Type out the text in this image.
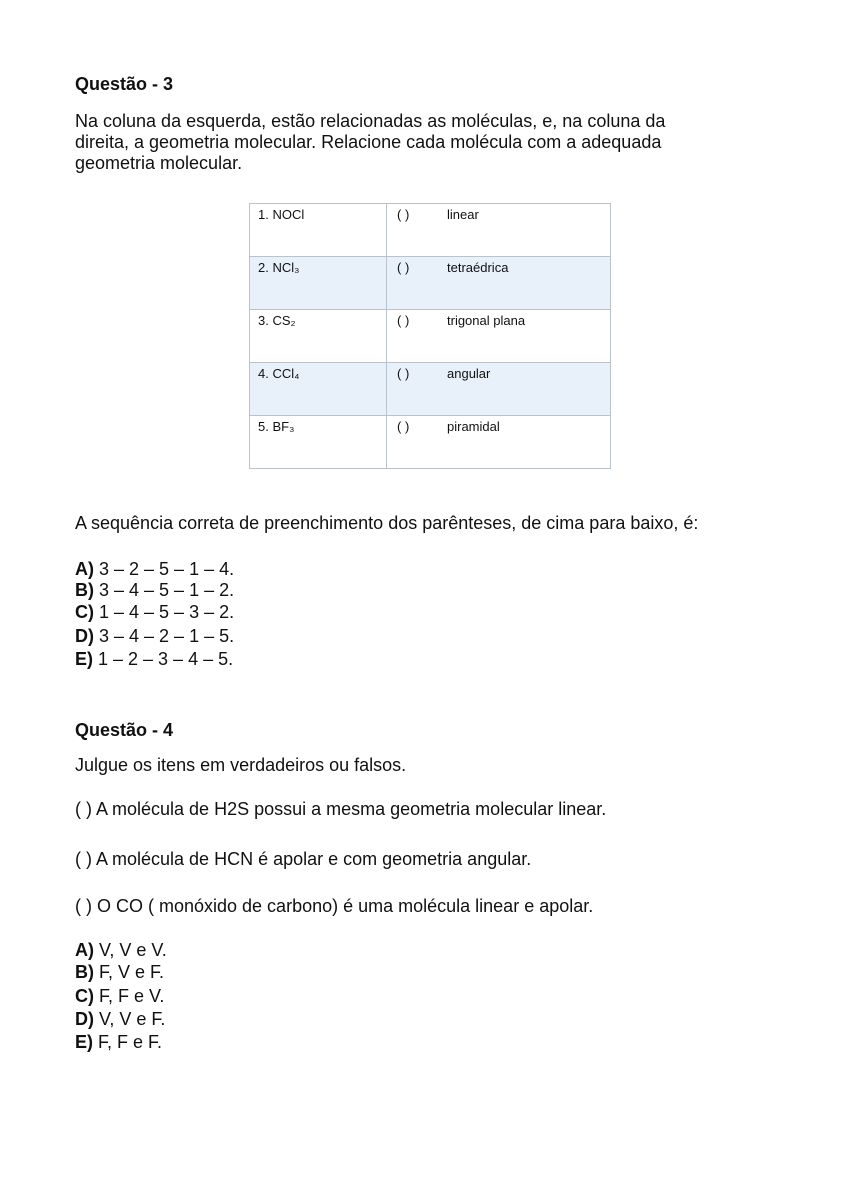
Questão - 3
Na coluna da esquerda, estão relacionadas as moléculas, e, na coluna da
direita, a geometria molecular. Relacione cada molécula com a adequada
geometria molecular.
1. NOCl	( )	linear
2. NCl₃	( )	tetraédrica
3. CS₂	( )	trigonal plana
4. CCl₄	( )	angular
5. BF₃	( )	piramidal
A sequência correta de preenchimento dos parênteses, de cima para baixo, é:
A) 3 – 2 – 5 – 1 – 4.
B) 3 – 4 – 5 – 1 – 2.
C) 1 – 4 – 5 – 3 – 2.
D) 3 – 4 – 2 – 1 – 5.
E) 1 – 2 – 3 – 4 – 5.
Questão - 4
Julgue os itens em verdadeiros ou falsos.
( ) A molécula de H2S possui a mesma geometria molecular linear.
( ) A molécula de HCN é apolar e com geometria angular.
( ) O CO ( monóxido de carbono) é uma molécula linear e apolar.
A) V, V e V.
B) F, V e F.
C) F, F e V.
D) V, V e F.
E) F, F e F.
